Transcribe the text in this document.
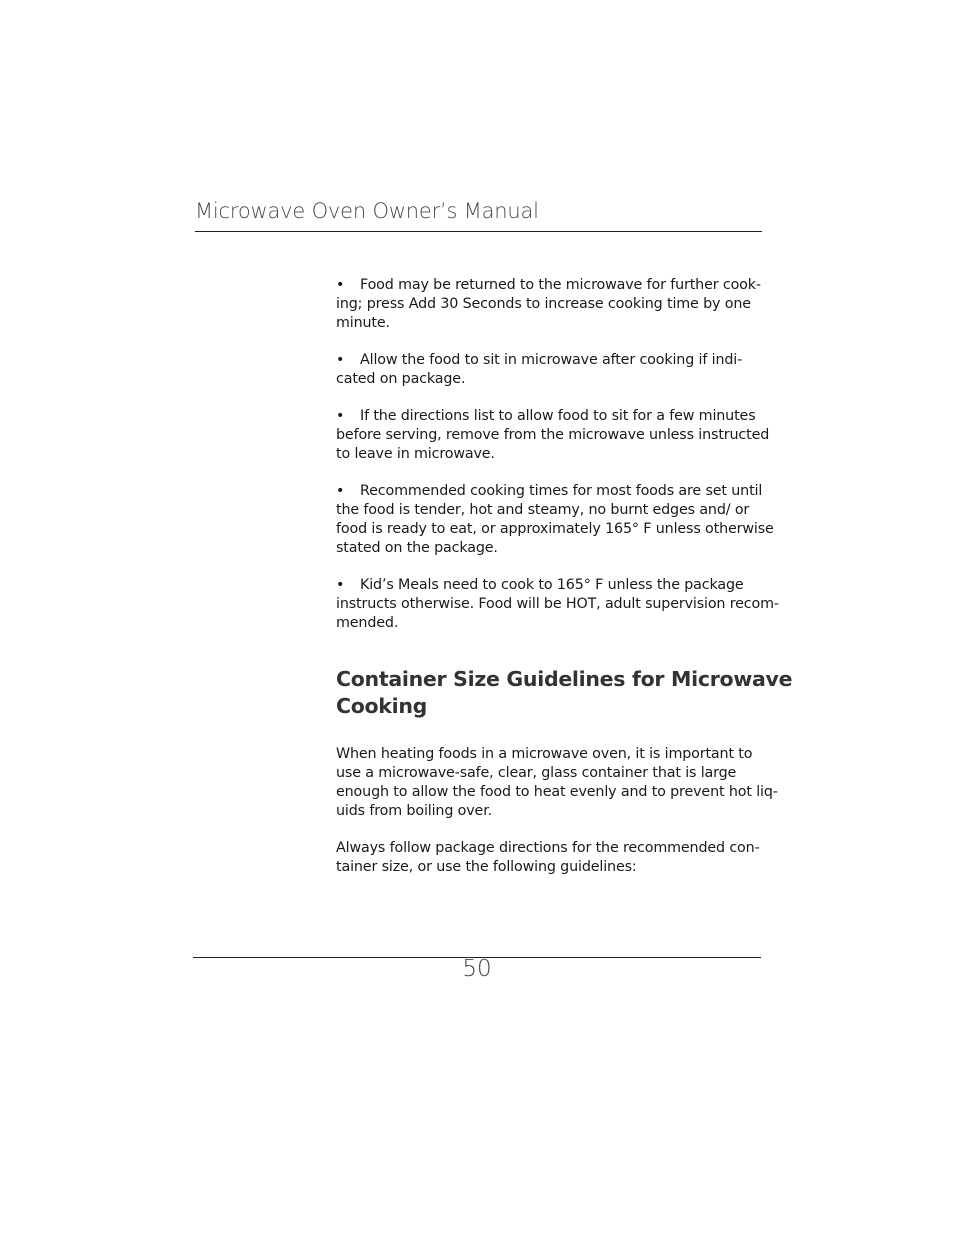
Microwave Oven Owner’s Manual

• Food may be returned to the microwave for further cook-
ing; press Add 30 Seconds to increase cooking time by one
minute.

• Allow the food to sit in microwave after cooking if indi-
cated on package.

• If the directions list to allow food to sit for a few minutes
before serving, remove from the microwave unless instructed
to leave in microwave.

• Recommended cooking times for most foods are set until
the food is tender, hot and steamy, no burnt edges and/ or
food is ready to eat, or approximately 165° F unless otherwise
stated on the package.

• Kid’s Meals need to cook to 165° F unless the package
instructs otherwise. Food will be HOT, adult supervision recom-
mended.

Container Size Guidelines for Microwave
Cooking

When heating foods in a microwave oven, it is important to
use a microwave-safe, clear, glass container that is large
enough to allow the food to heat evenly and to prevent hot liq-
uids from boiling over.

Always follow package directions for the recommended con-
tainer size, or use the following guidelines:

50
